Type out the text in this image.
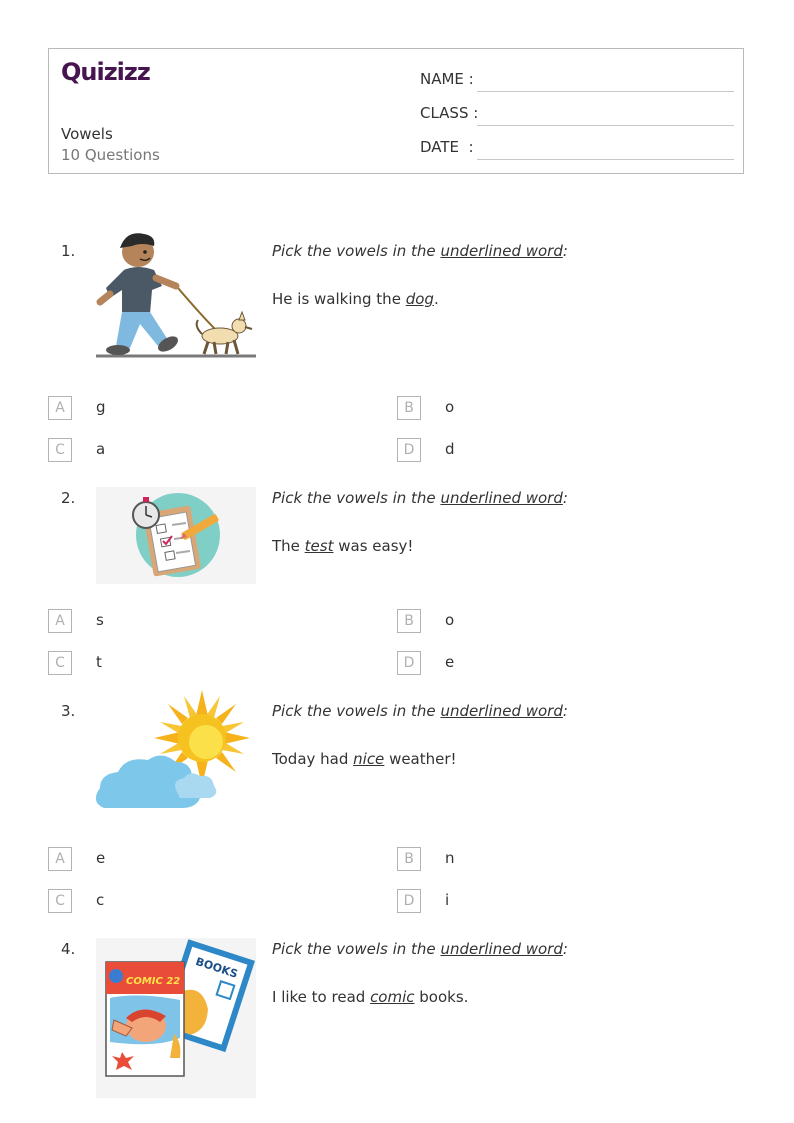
Quizizz
Vowels
10 Questions
NAME :
CLASS :
DATE  :
1.	Pick the vowels in the underlined word:
He is walking the dog.
A	g	B	o
C	a	D	d
2.	Pick the vowels in the underlined word:
The test was easy!
A	s	B	o
C	t	D	e
3.	Pick the vowels in the underlined word:
Today had nice weather!
A	e	B	n
C	c	D	i
4.
BOOKS
COMIC 22
Pick the vowels in the underlined word:
I like to read comic books.
